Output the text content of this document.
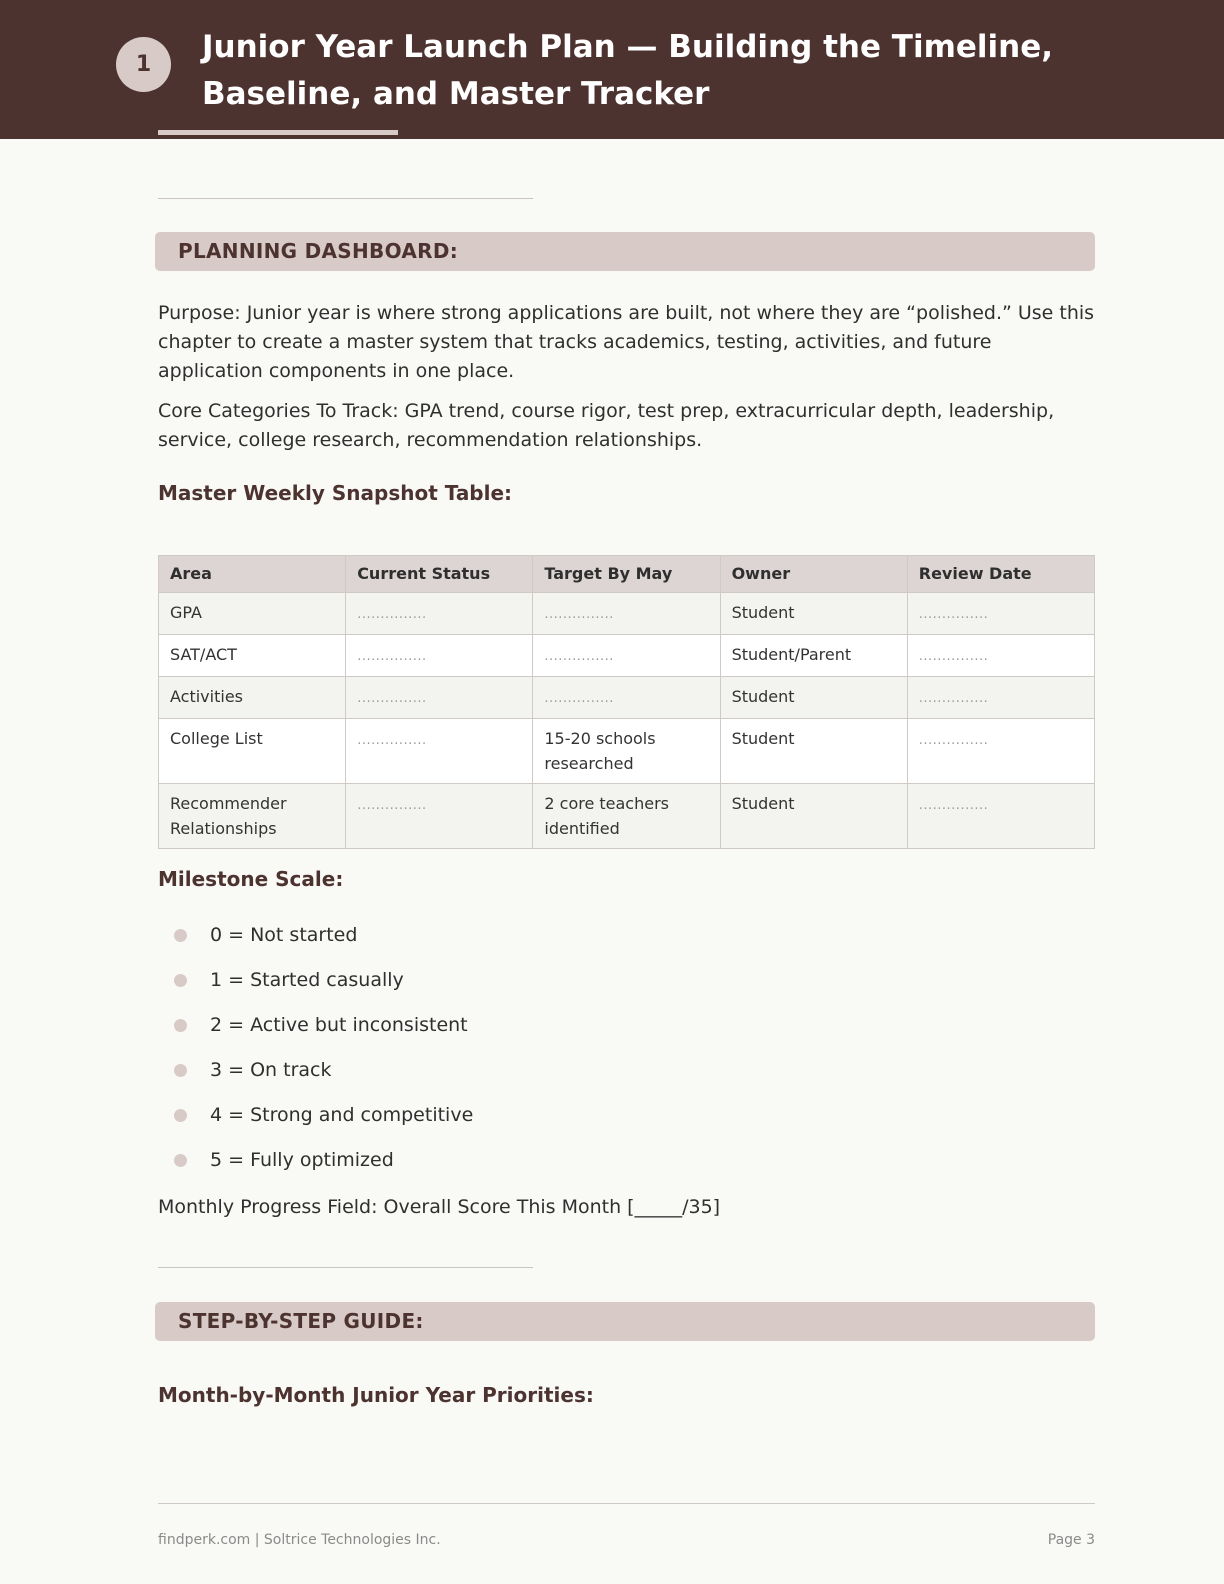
1	Junior Year Launch Plan — Building the Timeline, Baseline, and Master Tracker
PLANNING DASHBOARD:

Purpose: Junior year is where strong applications are built, not where they are “polished.” Use this chapter to create a master system that tracks academics, testing, activities, and future application components in one place.

Core Categories To Track: GPA trend, course rigor, test prep, extracurricular depth, leadership, service, college research, recommendation relationships.

Master Weekly Snapshot Table:
Area	Current Status	Target By May	Owner	Review Date
GPA	...............	...............	Student	...............
SAT/ACT	...............	...............	Student/Parent	...............
Activities	...............	...............	Student	...............
College List	...............	15-20 schools researched	Student	...............
Recommender Relationships	...............	2 core teachers identified	Student	...............
Milestone Scale:
0 = Not started
1 = Started casually
2 = Active but inconsistent
3 = On track
4 = Strong and competitive
5 = Fully optimized

Monthly Progress Field: Overall Score This Month [_____/35]

STEP-BY-STEP GUIDE:
Month-by-Month Junior Year Priorities:
findperk.com | Soltrice Technologies Inc.	Page 3
